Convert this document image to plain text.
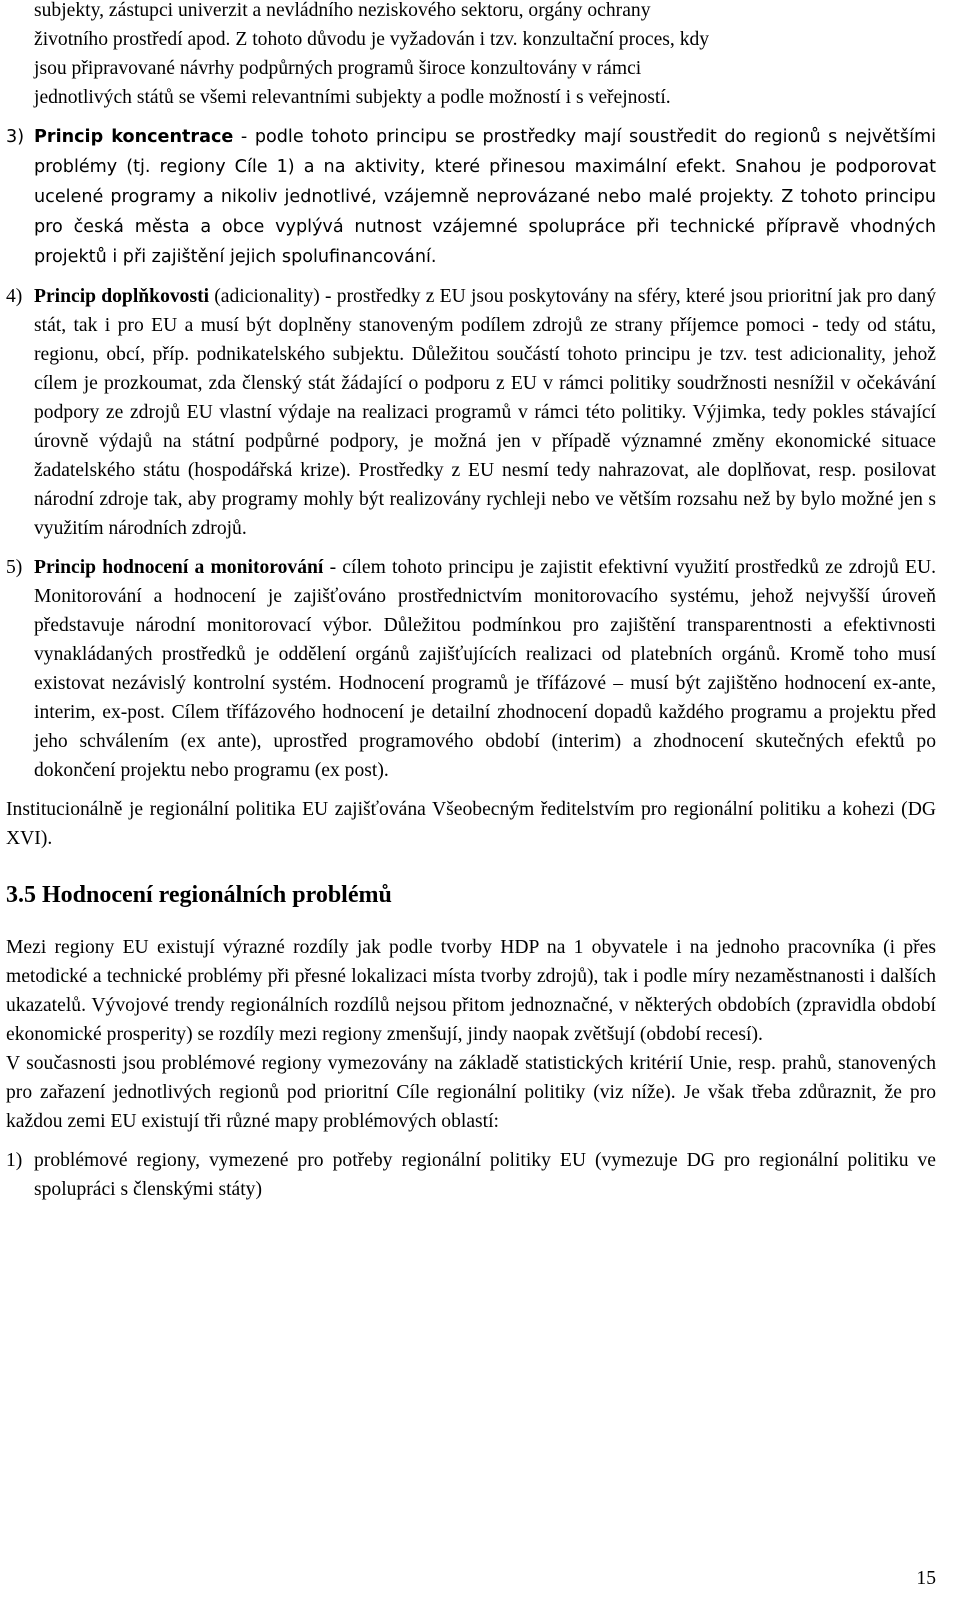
subjekty, zástupci univerzit a nevládního neziskového sektoru, orgány ochrany

životního prostředí apod. Z tohoto důvodu je vyžadován i tzv. konzultační proces, kdy

jsou připravované návrhy podpůrných programů široce konzultovány v rámci

jednotlivých států se všemi relevantními subjekty a podle možností i s veřejností.

3) Princip koncentrace - podle tohoto principu se prostředky mají soustředit do regionů s největšími problémy (tj. regiony Cíle 1) a na aktivity, které přinesou maximální efekt. Snahou je podporovat ucelené programy a nikoliv jednotlivé, vzájemně neprovázané nebo malé projekty. Z tohoto principu pro česká města a obce vyplývá nutnost vzájemné spolupráce při technické přípravě vhodných projektů i při zajištění jejich spolufinancování.

4) Princip doplňkovosti (adicionality) - prostředky z EU jsou poskytovány na sféry, které jsou prioritní jak pro daný stát, tak i pro EU a musí být doplněny stanoveným podílem zdrojů ze strany příjemce pomoci - tedy od státu, regionu, obcí, příp. podnikatelského subjektu. Důležitou součástí tohoto principu je tzv. test adicionality, jehož cílem je prozkoumat, zda členský stát žádající o podporu z EU v rámci politiky soudržnosti nesnížil v očekávání podpory ze zdrojů EU vlastní výdaje na realizaci programů v rámci této politiky. Výjimka, tedy pokles stávající úrovně výdajů na státní podpůrné podpory, je možná jen v případě významné změny ekonomické situace žadatelského státu (hospodářská krize). Prostředky z EU nesmí tedy nahrazovat, ale doplňovat, resp. posilovat národní zdroje tak, aby programy mohly být realizovány rychleji nebo ve větším rozsahu než by bylo možné jen s využitím národních zdrojů.

5) Princip hodnocení a monitorování - cílem tohoto principu je zajistit efektivní využití prostředků ze zdrojů EU. Monitorování a hodnocení je zajišťováno prostřednictvím monitorovacího systému, jehož nejvyšší úroveň představuje národní monitorovací výbor. Důležitou podmínkou pro zajištění transparentnosti a efektivnosti vynakládaných prostředků je oddělení orgánů zajišťujících realizaci od platebních orgánů. Kromě toho musí existovat nezávislý kontrolní systém. Hodnocení programů je třífázové – musí být zajištěno hodnocení ex-ante, interim, ex-post. Cílem třífázového hodnocení je detailní zhodnocení dopadů každého programu a projektu před jeho schválením (ex ante), uprostřed programového období (interim) a zhodnocení skutečných efektů po dokončení projektu nebo programu (ex post).

Institucionálně je regionální politika EU zajišťována Všeobecným ředitelstvím pro regionální politiku a kohezi (DG XVI).

3.5 Hodnocení regionálních problémů

Mezi regiony EU existují výrazné rozdíly jak podle tvorby HDP na 1 obyvatele i na jednoho pracovníka (i přes metodické a technické problémy při přesné lokalizaci místa tvorby zdrojů), tak i podle míry nezaměstnanosti i dalších ukazatelů. Vývojové trendy regionálních rozdílů nejsou přitom jednoznačné, v některých obdobích (zpravidla období ekonomické prosperity) se rozdíly mezi regiony zmenšují, jindy naopak zvětšují (období recesí).

V současnosti jsou problémové regiony vymezovány na základě statistických kritérií Unie, resp. prahů, stanovených pro zařazení jednotlivých regionů pod prioritní Cíle regionální politiky (viz níže). Je však třeba zdůraznit, že pro každou zemi EU existují tři různé mapy problémových oblastí:

1) problémové regiony, vymezené pro potřeby regionální politiky EU (vymezuje DG pro regionální politiku ve spolupráci s členskými státy)

15
